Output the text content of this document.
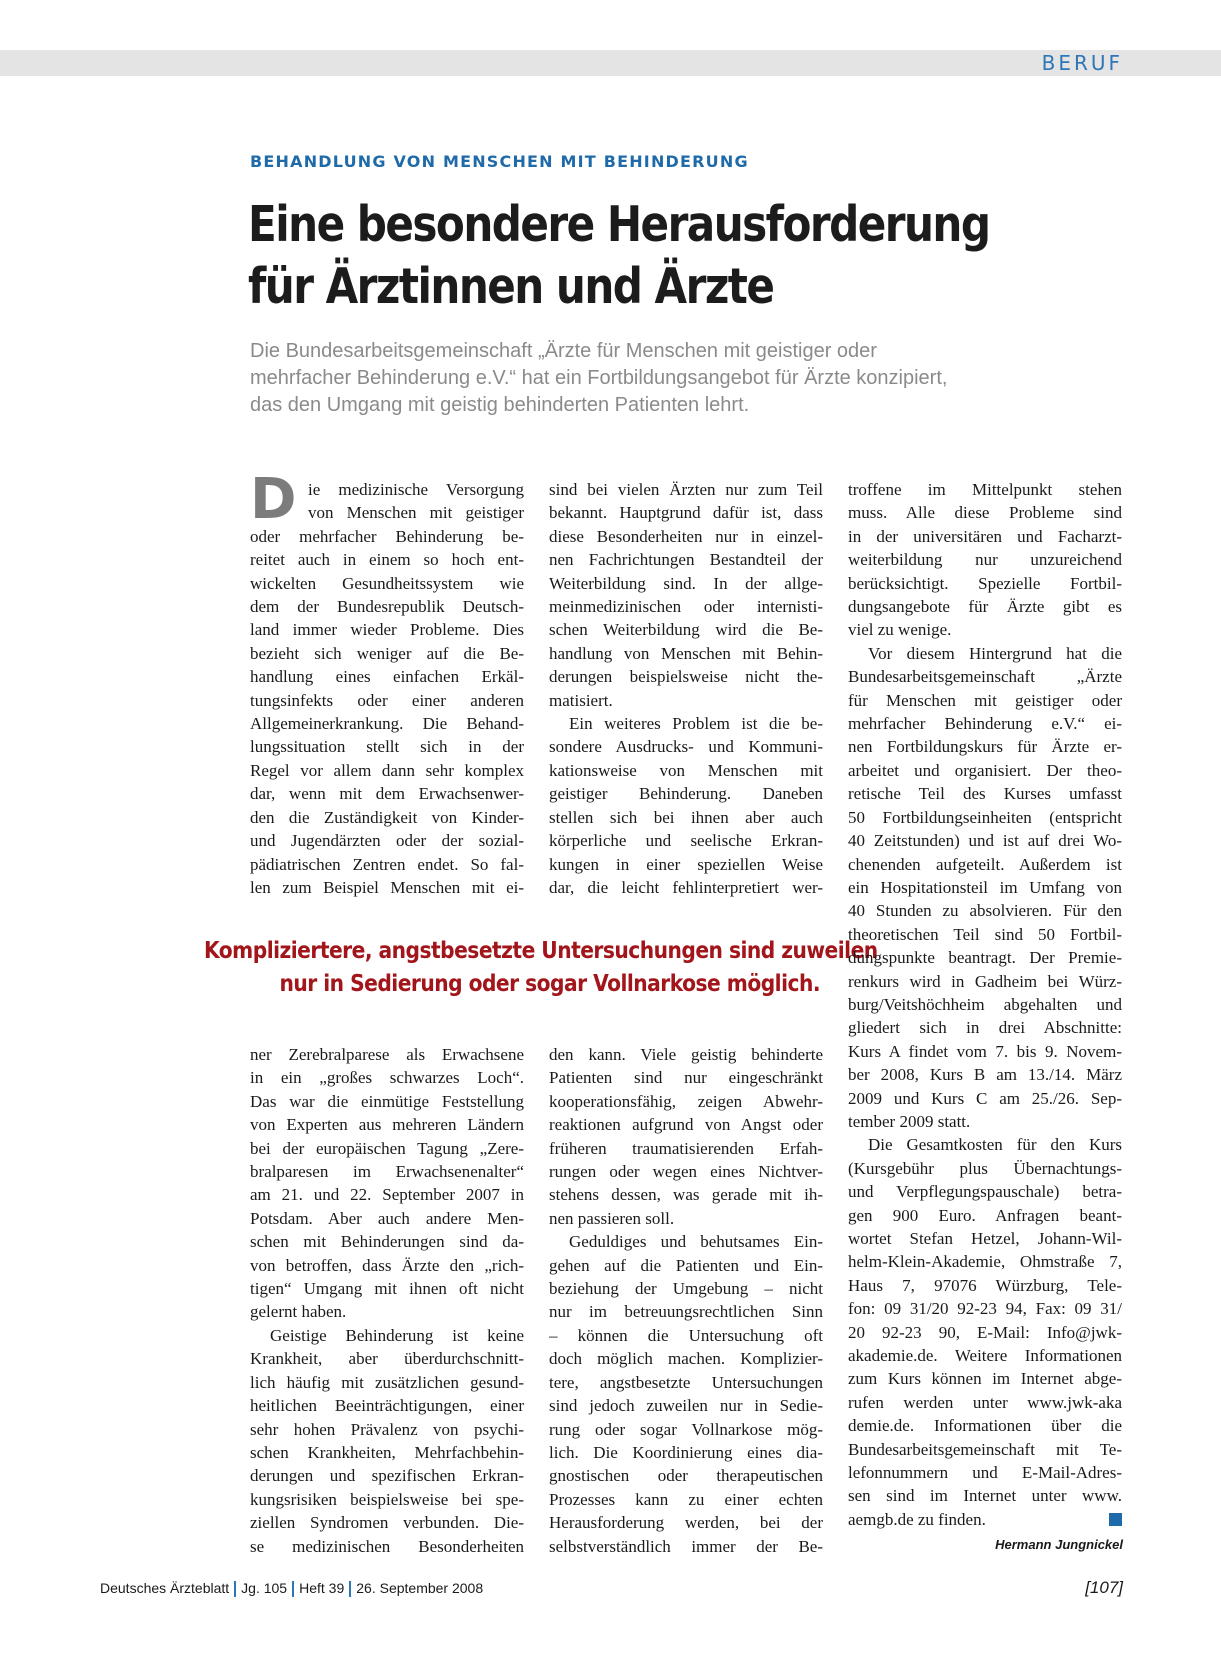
BERUF
BEHANDLUNG VON MENSCHEN MIT BEHINDERUNG
Eine besondere Herausforderung
für Ärztinnen und Ärzte
Die Bundesarbeitsgemeinschaft „Ärzte für Menschen mit geistiger oder
mehrfacher Behinderung e.V.“ hat ein Fortbildungsangebot für Ärzte konzipiert,
das den Umgang mit geistig behinderten Patienten lehrt.
D ie medizinische Versorgung
von Menschen mit geistiger
oder mehrfacher Behinderung be-
reitet auch in einem so hoch ent-
wickelten Gesundheitssystem wie
dem der Bundesrepublik Deutsch-
land immer wieder Probleme. Dies
bezieht sich weniger auf die Be-
handlung eines einfachen Erkäl-
tungsinfekts oder einer anderen
Allgemeinerkrankung. Die Behand-
lungssituation stellt sich in der
Regel vor allem dann sehr komplex
dar, wenn mit dem Erwachsenwer-
den die Zuständigkeit von Kinder-
und Jugendärzten oder der sozial-
pädiatrischen Zentren endet. So fal-
len zum Beispiel Menschen mit ei-
sind bei vielen Ärzten nur zum Teil
bekannt. Hauptgrund dafür ist, dass
diese Besonderheiten nur in einzel-
nen Fachrichtungen Bestandteil der
Weiterbildung sind. In der allge-
meinmedizinischen oder internisti-
schen Weiterbildung wird die Be-
handlung von Menschen mit Behin-
derungen beispielsweise nicht the-
matisiert.
Ein weiteres Problem ist die be-
sondere Ausdrucks- und Kommuni-
kationsweise von Menschen mit
geistiger Behinderung. Daneben
stellen sich bei ihnen aber auch
körperliche und seelische Erkran-
kungen in einer speziellen Weise
dar, die leicht fehlinterpretiert wer-
Kompliziertere, angstbesetzte Untersuchungen sind zuweilen
nur in Sedierung oder sogar Vollnarkose möglich.
ner Zerebralparese als Erwachsene
in ein „großes schwarzes Loch“.
Das war die einmütige Feststellung
von Experten aus mehreren Ländern
bei der europäischen Tagung „Zere-
bralparesen im Erwachsenenalter“
am 21. und 22. September 2007 in
Potsdam. Aber auch andere Men-
schen mit Behinderungen sind da-
von betroffen, dass Ärzte den „rich-
tigen“ Umgang mit ihnen oft nicht
gelernt haben.
Geistige Behinderung ist keine
Krankheit, aber überdurchschnitt-
lich häufig mit zusätzlichen gesund-
heitlichen Beeinträchtigungen, einer
sehr hohen Prävalenz von psychi-
schen Krankheiten, Mehrfachbehin-
derungen und spezifischen Erkran-
kungsrisiken beispielsweise bei spe-
ziellen Syndromen verbunden. Die-
se medizinischen Besonderheiten
den kann. Viele geistig behinderte
Patienten sind nur eingeschränkt
kooperationsfähig, zeigen Abwehr-
reaktionen aufgrund von Angst oder
früheren traumatisierenden Erfah-
rungen oder wegen eines Nichtver-
stehens dessen, was gerade mit ih-
nen passieren soll.
Geduldiges und behutsames Ein-
gehen auf die Patienten und Ein-
beziehung der Umgebung – nicht
nur im betreuungsrechtlichen Sinn
– können die Untersuchung oft
doch möglich machen. Komplizier-
tere, angstbesetzte Untersuchungen
sind jedoch zuweilen nur in Sedie-
rung oder sogar Vollnarkose mög-
lich. Die Koordinierung eines dia-
gnostischen oder therapeutischen
Prozesses kann zu einer echten
Herausforderung werden, bei der
selbstverständlich immer der Be-
troffene im Mittelpunkt stehen
muss. Alle diese Probleme sind
in der universitären und Facharzt-
weiterbildung nur unzureichend
berücksichtigt. Spezielle Fortbil-
dungsangebote für Ärzte gibt es
viel zu wenige.
Vor diesem Hintergrund hat die
Bundesarbeitsgemeinschaft „Ärzte
für Menschen mit geistiger oder
mehrfacher Behinderung e.V.“ ei-
nen Fortbildungskurs für Ärzte er-
arbeitet und organisiert. Der theo-
retische Teil des Kurses umfasst
50 Fortbildungseinheiten (entspricht
40 Zeitstunden) und ist auf drei Wo-
chenenden aufgeteilt. Außerdem ist
ein Hospitationsteil im Umfang von
40 Stunden zu absolvieren. Für den
theoretischen Teil sind 50 Fortbil-
dungspunkte beantragt. Der Premie-
renkurs wird in Gadheim bei Würz-
burg/Veitshöchheim abgehalten und
gliedert sich in drei Abschnitte:
Kurs A findet vom 7. bis 9. Novem-
ber 2008, Kurs B am 13./14. März
2009 und Kurs C am 25./26. Sep-
tember 2009 statt.
Die Gesamtkosten für den Kurs
(Kursgebühr plus Übernachtungs-
und Verpflegungspauschale) betra-
gen 900 Euro. Anfragen beant-
wortet Stefan Hetzel, Johann-Wil-
helm-Klein-Akademie, Ohmstraße 7,
Haus 7, 97076 Würzburg, Tele-
fon: 09 31/20 92-23 94, Fax: 09 31/
20 92-23 90, E-Mail: Info@jwk-
akademie.de. Weitere Informationen
zum Kurs können im Internet abge-
rufen werden unter www.jwk-aka
demie.de. Informationen über die
Bundesarbeitsgemeinschaft mit Te-
lefonnummern und E-Mail-Adres-
sen sind im Internet unter www.
aemgb.de zu finden.
Hermann Jungnickel
Deutsches Ärzteblatt Jg. 105 Heft 39 26. September 2008	[107]
